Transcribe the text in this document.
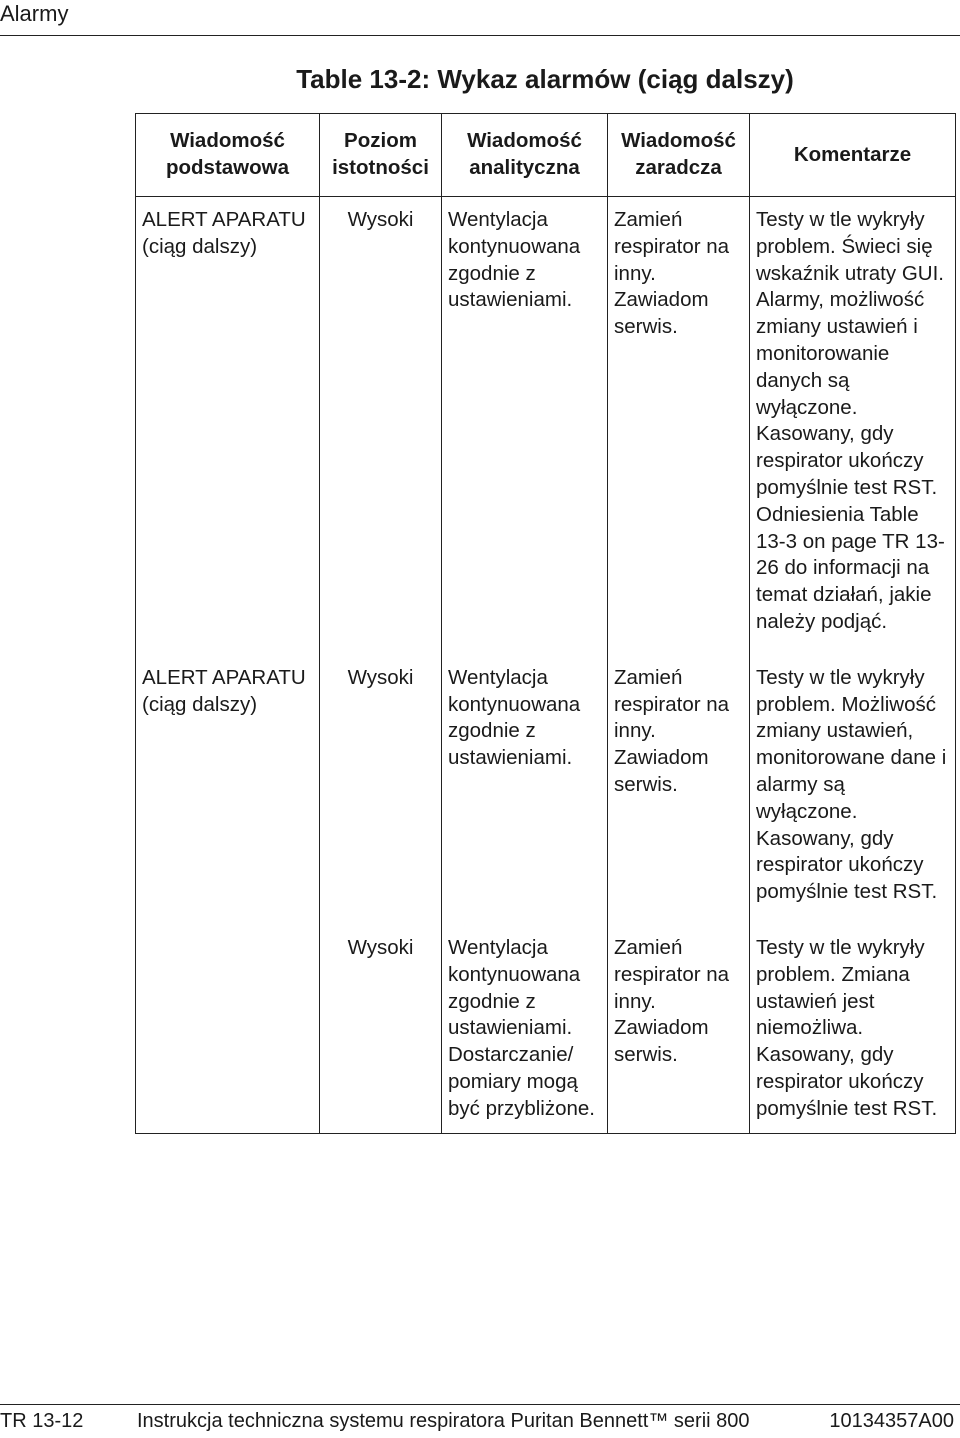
Alarmy
Table 13-2: Wykaz alarmów (ciąg dalszy)
Wiadomość podstawowa	Poziom istotności	Wiadomość analityczna	Wiadomość zaradcza	Komentarze
ALERT APARATU (ciąg dalszy)	Wysoki	Wentylacja kontynuowana zgodnie z ustawieniami.	Zamień respirator na inny. Zawiadom serwis.	Testy w tle wykryły problem. Świeci się wskaźnik utraty GUI. Alarmy, możliwość zmiany ustawień i monitorowanie danych są wyłączone. Kasowany, gdy respirator ukończy pomyślnie test RST. Odniesienia Table 13-3 on page TR 13-26 do informacji na temat działań, jakie należy podjąć.
ALERT APARATU (ciąg dalszy)	Wysoki	Wentylacja kontynuowana zgodnie z ustawieniami.	Zamień respirator na inny. Zawiadom serwis.	Testy w tle wykryły problem. Możliwość zmiany ustawień, monitorowane dane i alarmy są wyłączone. Kasowany, gdy respirator ukończy pomyślnie test RST.
	Wysoki	Wentylacja kontynuowana zgodnie z ustawieniami. Dostarczanie/ pomiary mogą być przybliżone.	Zamień respirator na inny. Zawiadom serwis.	Testy w tle wykryły problem. Zmiana ustawień jest niemożliwa. Kasowany, gdy respirator ukończy pomyślnie test RST.
TR 13-12	Instrukcja techniczna systemu respiratora Puritan Bennett™ serii 800	10134357A00
